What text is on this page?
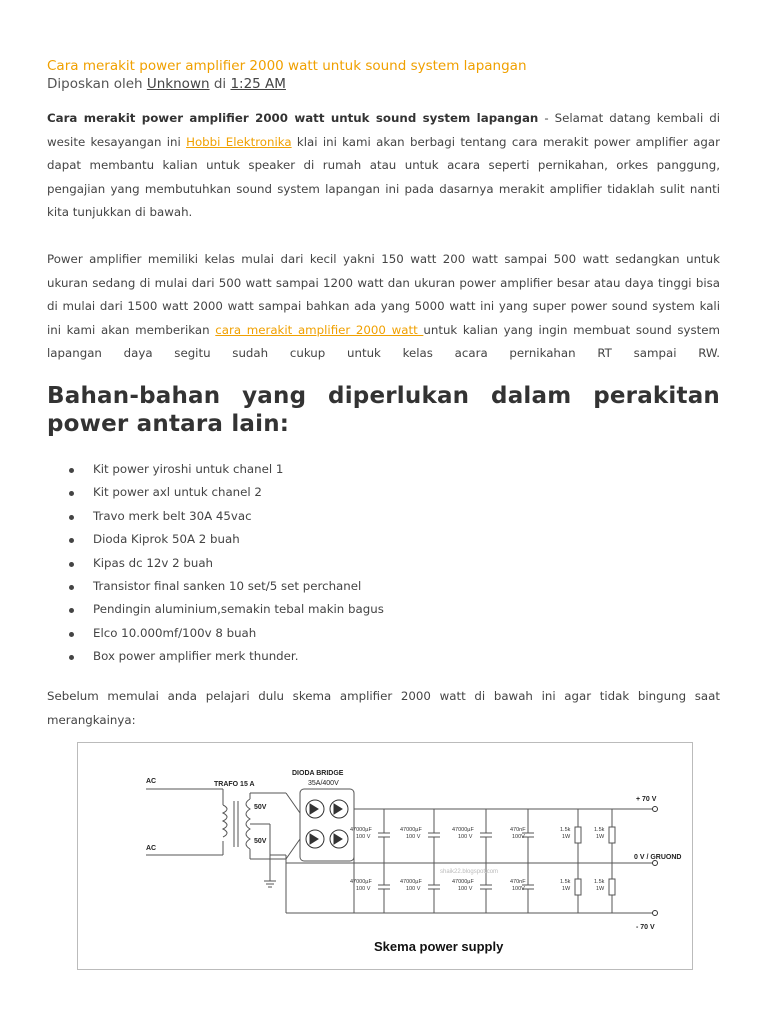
Cara merakit power amplifier 2000 watt untuk sound system lapangan
Diposkan oleh Unknown di 1:25 AM
Cara merakit power amplifier 2000 watt untuk sound system lapangan - Selamat datang kembali di wesite kesayangan ini Hobbi Elektronika klai ini kami akan berbagi tentang cara merakit power amplifier agar dapat membantu kalian untuk speaker di rumah atau untuk acara seperti pernikahan, orkes panggung, pengajian yang membutuhkan sound system lapangan ini pada dasarnya merakit amplifier tidaklah sulit nanti kita tunjukkan di bawah.
Power amplifier memiliki kelas mulai dari kecil yakni 150 watt 200 watt sampai 500 watt sedangkan untuk ukuran sedang di mulai dari 500 watt sampai 1200 watt dan ukuran power amplifier besar atau daya tinggi bisa di mulai dari 1500 watt 2000 watt sampai bahkan ada yang 5000 watt ini yang super power sound system kali ini kami akan memberikan cara merakit amplifier 2000 watt untuk kalian yang ingin membuat sound system lapangan daya segitu sudah cukup untuk kelas acara pernikahan RT sampai RW.
Bahan-bahan yang diperlukan dalam perakitan
power antara lain:
Kit power yiroshi untuk chanel 1
Kit power axl untuk chanel 2
Travo merk belt 30A 45vac
Dioda Kiprok 50A 2 buah
Kipas dc 12v 2 buah
Transistor final sanken 10 set/5 set perchanel
Pendingin aluminium,semakin tebal makin bagus
Elco 10.000mf/100v 8 buah
Box power amplifier merk thunder.
Sebelum memulai anda pelajari dulu skema amplifier 2000 watt di bawah ini agar tidak bingung saat merangkainya:
AC
AC
TRAFO 15 A
50V
50V
DIODA BRIDGE
35A/400V
+ 70 V
0 V / GRUOND
- 70 V
47000µF
100 V
47000µF
100 V
47000µF
100 V
470nF
100V
47000µF
100 V
47000µF
100 V
47000µF
100 V
470nF
100V
1.5k
1W
1.5k
1W
1.5k
1W
1.5k
1W
shaik22.blogspot.com
Skema power supply
